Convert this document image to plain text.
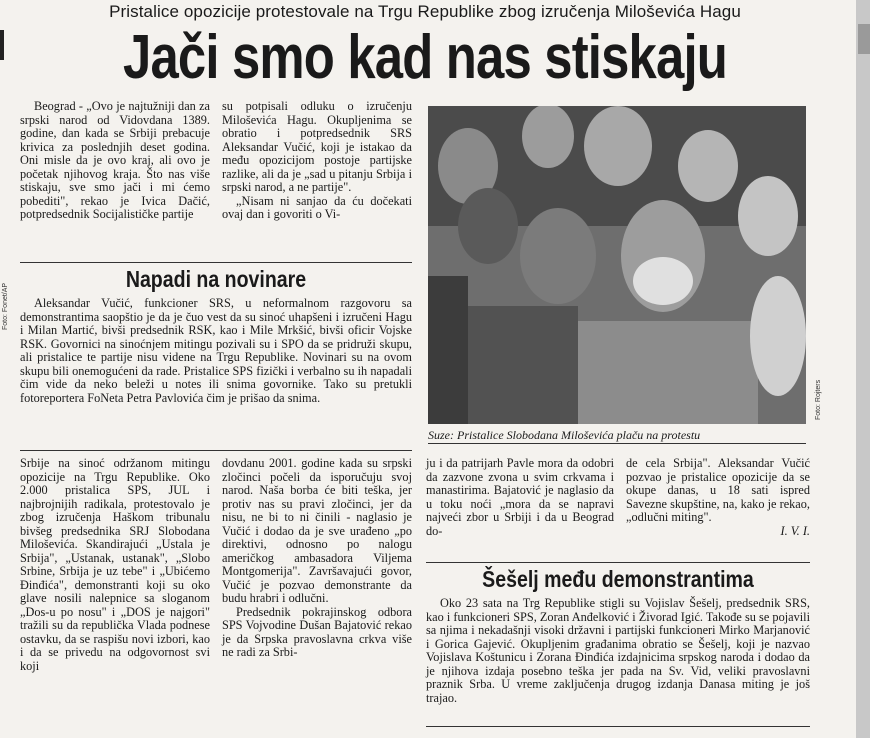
Foto: Fonet/AP
Pristalice opozicije protestovale na Trgu Republike zbog izručenja Miloševića Hagu
Jači smo kad nas stiskaju

Beograd - „Ovo je najtužniji dan za srpski narod od Vidovdana 1389. godine, dan kada se Srbiji prebacuje krivica za poslednjih deset godina. Oni misle da je ovo kraj, ali ovo je početak njihovog kraja. Što nas više stiskaju, sve smo jači i mi ćemo pobediti", rekao je Ivica Dačić, potpredsednik Socijalističke partije

su potpisali odluku o izručenju Miloševića Hagu. Okupljenima se obratio i potpredsednik SRS Aleksandar Vučić, koji je istakao da među opozicijom postoje partijske razlike, ali da je „sad u pitanju Srbija i srpski narod, a ne partije".

„Nisam ni sanjao da ću dočekati ovaj dan i govoriti o Vi-

Napadi na novinare

Aleksandar Vučić, funkcioner SRS, u neformalnom razgovoru sa demonstrantima saopštio je da je čuo vest da su sinoć uhapšeni i izručeni Hagu i Milan Martić, bivši predsednik RSK, kao i Mile Mrkšić, bivši oficir Vojske RSK. Govornici na sinoćnjem mitingu pozivali su i SPO da se pridruži skupu, ali pristalice te partije nisu videne na Trgu Republike. Novinari su na ovom skupu bili onemogućeni da rade. Pristalice SPS fizički i verbalno su ih napadali čim vide da neko beleži u notes ili snima govornike. Tako su pretukli fotoreportera FoNeta Petra Pavlovića čim je prišao da snima.	Foto: Rojters
Suze: Pristalice Slobodana Miloševića plaču na protestu

Srbije na sinoć održanom mitingu opozicije na Trgu Republike. Oko 2.000 pristalica SPS, JUL i najbrojnijih radikala, protestovalo je zbog izručenja Haškom tribunalu bivšeg predsednika SRJ Slobodana Miloševića. Skandirajući „Ustala je Srbija", „Ustanak, ustanak", „Slobo Srbine, Srbija je uz tebe" i „Ubićemo Đinđića", demonstranti koji su oko glave nosili nalepnice sa sloganom „Dos-u po nosu" i „DOS je najgori" tražili su da republička Vlada podnese ostavku, da se raspišu novi izbori, kao i da se privedu na odgovornost svi koji

dovdanu 2001. godine kada su srpski zločinci počeli da isporučuju svoj narod. Naša borba će biti teška, jer protiv nas su pravi zločinci, jer da nisu, ne bi to ni činili - naglasio je Vučić i dodao da je sve urađeno „po direktivi, odnosno po nalogu američkog ambasadora Viljema Montgomerija". Završavajući govor, Vučić je pozvao demonstrante da budu hrabri i odlučni.

Predsednik pokrajinskog odbora SPS Vojvodine Dušan Bajatović rekao je da Srpska pravoslavna crkva više ne radi za Srbi-

ju i da patrijarh Pavle mora da odobri da zazvone zvona u svim crkvama i manastirima. Bajatović je naglasio da u toku noći „mora da se napravi najveći zbor u Srbiji i da u Beograd do-

de cela Srbija". Aleksandar Vučić pozvao je pristalice opozicije da se okupe danas, u 18 sati ispred Savezne skupštine, na, kako je rekao, „odlučni miting".

I. V. I.

Šešelj među demonstrantima

Oko 23 sata na Trg Republike stigli su Vojislav Šešelj, predsednik SRS, kao i funkcioneri SPS, Zoran Anđelković i Živorad Igić. Takođe su se pojavili sa njima i nekadašnji visoki državni i partijski funkcioneri Mirko Marjanović i Gorica Gajević. Okupljenim građanima obratio se Šešelj, koji je nazvao Vojislava Koštunicu i Zorana Đinđića izdajnicima srpskog naroda i dodao da je njihova izdaja posebno teška jer pada na Sv. Vid, veliki pravoslavni praznik Srba. U vreme zaključenja drugog izdanja Danasa miting je još trajao.
